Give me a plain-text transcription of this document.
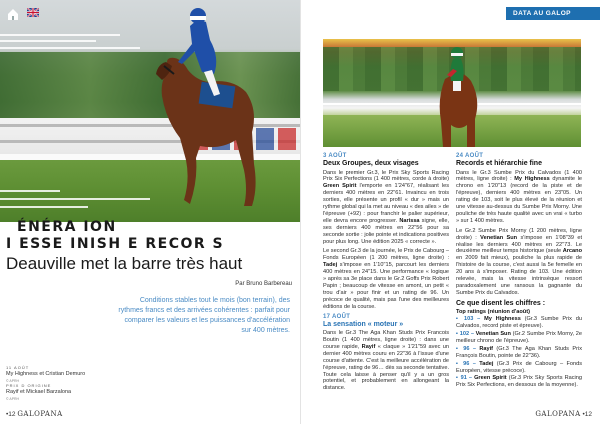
ÉNÉRA ION
I ESSE INISH E RECOR S
Deauville met la barre très haut
Par Bruno Barbereau
Conditions stables tout le mois (bon terrain), des rythmes francs et des arrivées cohérentes : parfait pour comparer les valeurs et les puissances d'accélération sur 400 mètres.
11 AOÛT
My Highness et Cristian Demuro
© APRH
PRIX D ORIGINE
Rayif et Mickael Barzalona
© APRH
•12 GALOPANA
DATA AU GALOP
3 AOÛT
Deux Groupes, deux visages

Dans le premier Gr.3, le Prix Sky Sports Racing Prix Six Perfections (1 400 mètres, corde à droite) Green Spirit l'emporte en 1'24"67, réalisant les derniers 400 mètres en 22"61. Invaincu en trois sorties, elle présente un profil « dur » mais un rythme global qui la met au niveau « des ailes » de l'épreuve (+92) : pour franchir le palier supérieur, elle devra encore progresser. Narissa signe, elle, ses derniers 400 mètres en 22"56 pour sa seconde sortie : jolie pointe et indications positives pour plus long. Une édition 2025 « correcte ».

Le second Gr.3 de la journée, le Prix de Cabourg – Fonds Européen (1 200 mètres, ligne droite) : Tadej s'impose en 1'10"15, parcourt les derniers 400 mètres en 24"15. Une performance « logique » après sa 3e place dans le Gr.2 Goffs Prix Robert Papin ; beaucoup de vitesse en amont, un petit « trou d'air » pour finir et un rating de 96. Un précoce de qualité, mais pas l'une des meilleures éditions de la course.

17 AOÛT
La sensation « moteur »

Dans le Gr.3 The Aga Khan Studs Prix Francois Boutin (1 400 mètres, ligne droite) : dans une course rapide, Rayif « claque » 1'21"59 avec un dernier 400 mètres couru en 22"36 à l'issue d'une course d'attente. C'est la meilleure accélération de l'épreuve, rating de 96… dès sa seconde tentative. Toute cela laisse à penser qu'il y a un gros potentiel, et probablement en allongeant la distance.

24 AOÛT
Records et hiérarchie fine

Dans le Gr.3 Sumbe Prix du Calvados (1 400 mètres, ligne droite) : My Highness dynamite le chrono en 1'20"13 (record de la piste et de l'épreuve), derniers 400 mètres en 23"05. Un rating de 103, soit le plus élevé de la réunion et une vitesse au-dessus du Sumbe Prix Morny. Une pouliche de très haute qualité avec un vrai « turbo » sur 1 400 mètres.

Le Gr.2 Sumbe Prix Morny (1 200 mètres, ligne droite) : Venetian Sun s'impose en 1'08"39 et réalise les derniers 400 mètres en 22"73. Le deuxième meilleur temps historique (seule Arcano en 2009 fait mieux), pouliche la plus rapide de l'histoire de la course, c'est aussi la 5e femelle en 20 ans à s'imposer. Rating de 103. Une édition relevée, mais la vitesse intrinsèque ressort paradoxalement une ransous la gagnante du Sumbe Prix du Calvados.

Ce que disent les chiffres :
Top ratings (réunion d'août)
▪ 103 – My Highness (Gr.3 Sumbe Prix du Calvados, record piste et épreuve).
▪ 102 – Venetian Sun (Gr.2 Sumbe Prix Morny, 2e meilleur chrono de l'épreuve).
▪ 96 – Rayif (Gr.3 The Aga Khan Studs Prix François Boutin, pointe de 22"36).
▪ 96 – Tadej (Gr.3 Prix de Cabourg – Fonds Européen, vitesse précoce).
▪ 91 – Green Spirit (Gr.3 Prix Sky Sports Racing Prix Six Perfections, en dessous de la moyenne).
GALOPANA •12
